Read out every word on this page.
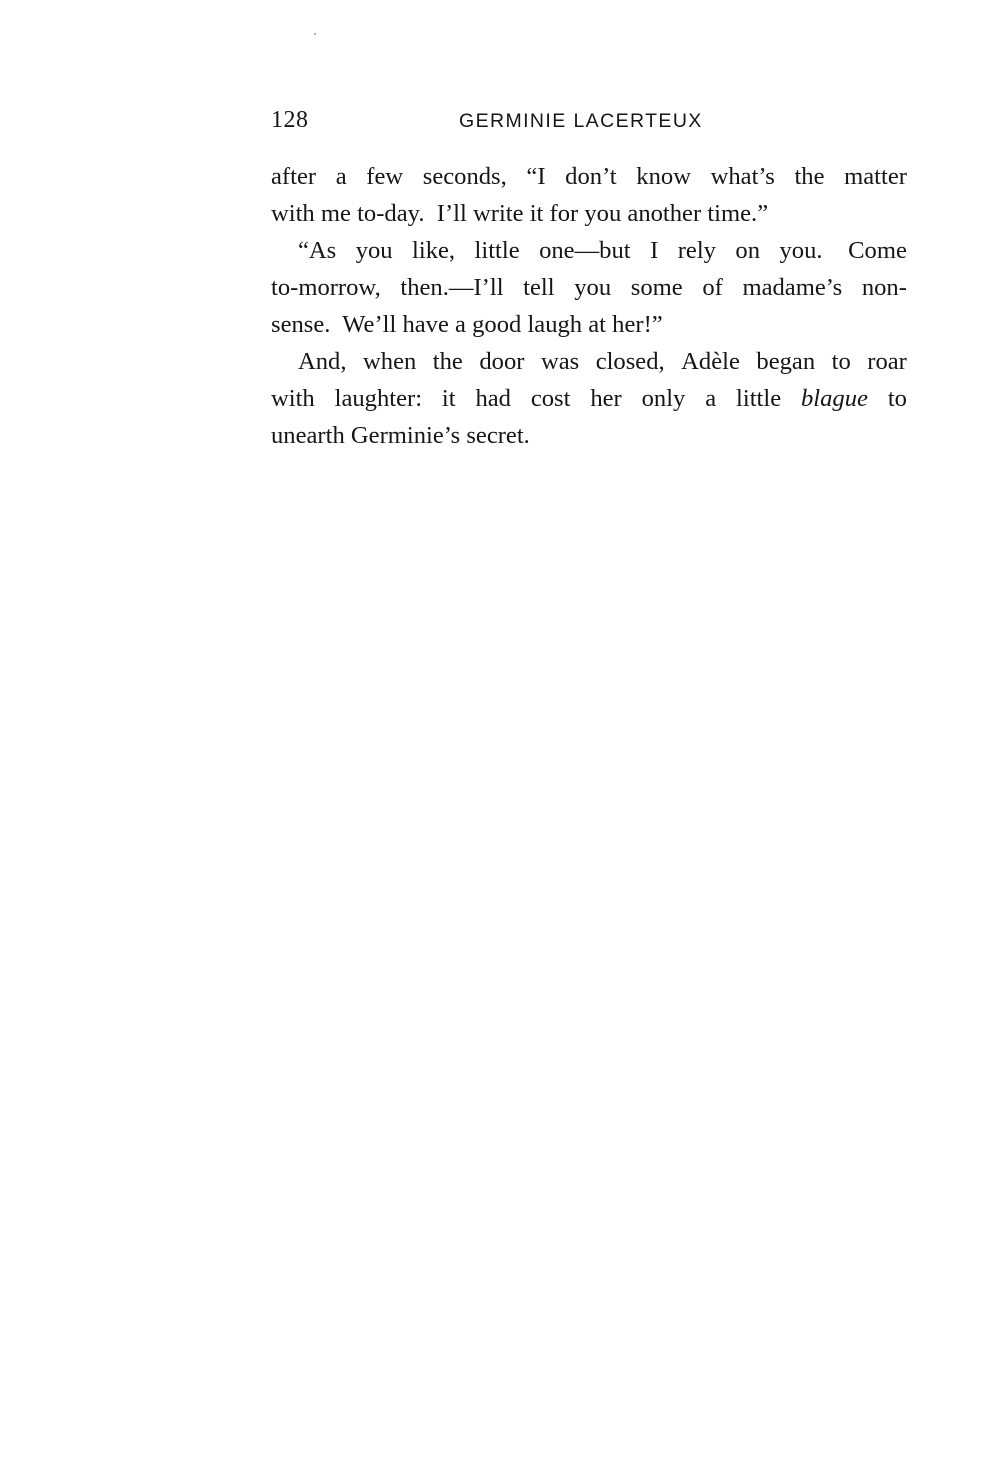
128	GERMINIE LACERTEUX
after a few seconds, “I don’t know what’s the matter
with me to-day. I’ll write it for you another time.”
“As you like, little one—but I rely on you. Come
to-morrow, then.—I’ll tell you some of madame’s non-
sense. We’ll have a good laugh at her!”
And, when the door was closed, Adèle began to roar
with laughter: it had cost her only a little blague to
unearth Germinie’s secret.
